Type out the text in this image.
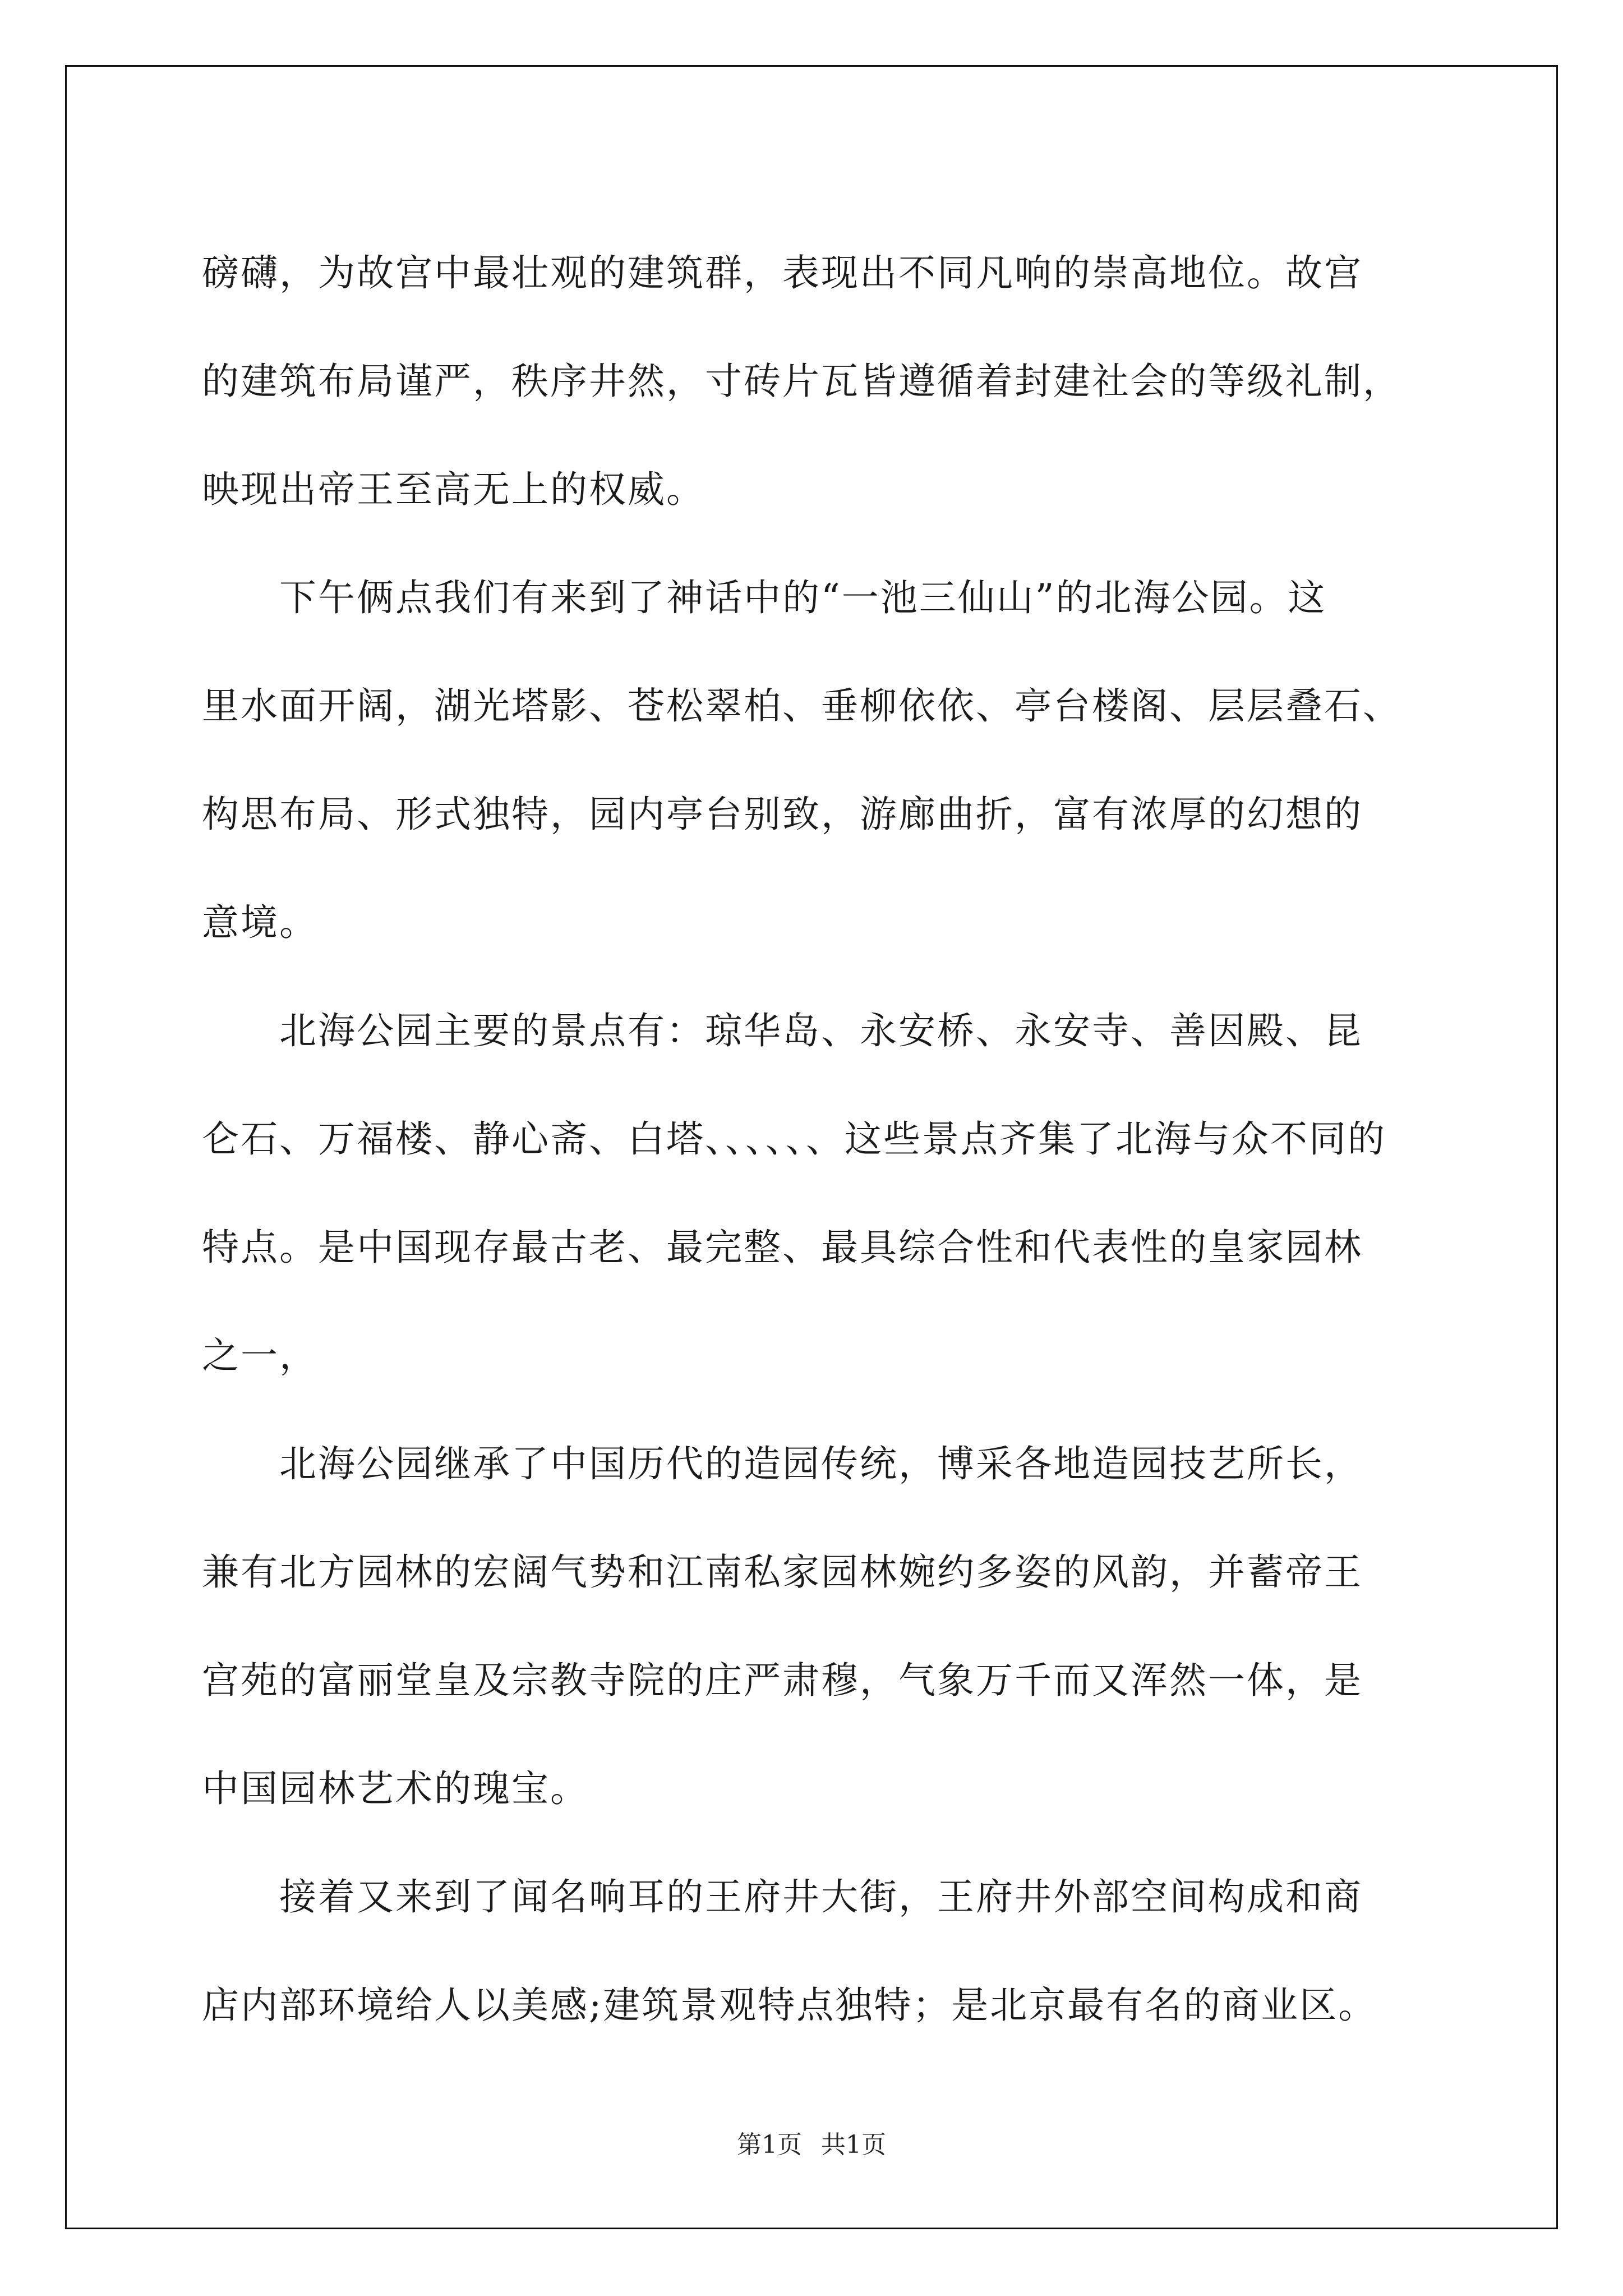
磅礴，为故宫中最壮观的建筑群，表现出不同凡响的崇高地位。故宫
的建筑布局谨严，秩序井然，寸砖片瓦皆遵循着封建社会的等级礼制，
映现出帝王至高无上的权威。

　　下午俩点我们有来到了神话中的“一池三仙山”的北海公园。这
里水面开阔，湖光塔影、苍松翠柏、垂柳依依、亭台楼阁、层层叠石、
构思布局、形式独特，园内亭台别致，游廊曲折，富有浓厚的幻想的
意境。

　　北海公园主要的景点有：琼华岛、永安桥、永安寺、善因殿、昆
仑石、万福楼、静心斋、白塔、、、、、、这些景点齐集了北海与众不同的
特点。是中国现存最古老、最完整、最具综合性和代表性的皇家园林
之一，

　　北海公园继承了中国历代的造园传统，博采各地造园技艺所长，
兼有北方园林的宏阔气势和江南私家园林婉约多姿的风韵，并蓄帝王
宫苑的富丽堂皇及宗教寺院的庄严肃穆，气象万千而又浑然一体，是
中国园林艺术的瑰宝。

　　接着又来到了闻名响耳的王府井大街，王府井外部空间构成和商
店内部环境给人以美感;建筑景观特点独特；是北京最有名的商业区。

第1页 共1页
